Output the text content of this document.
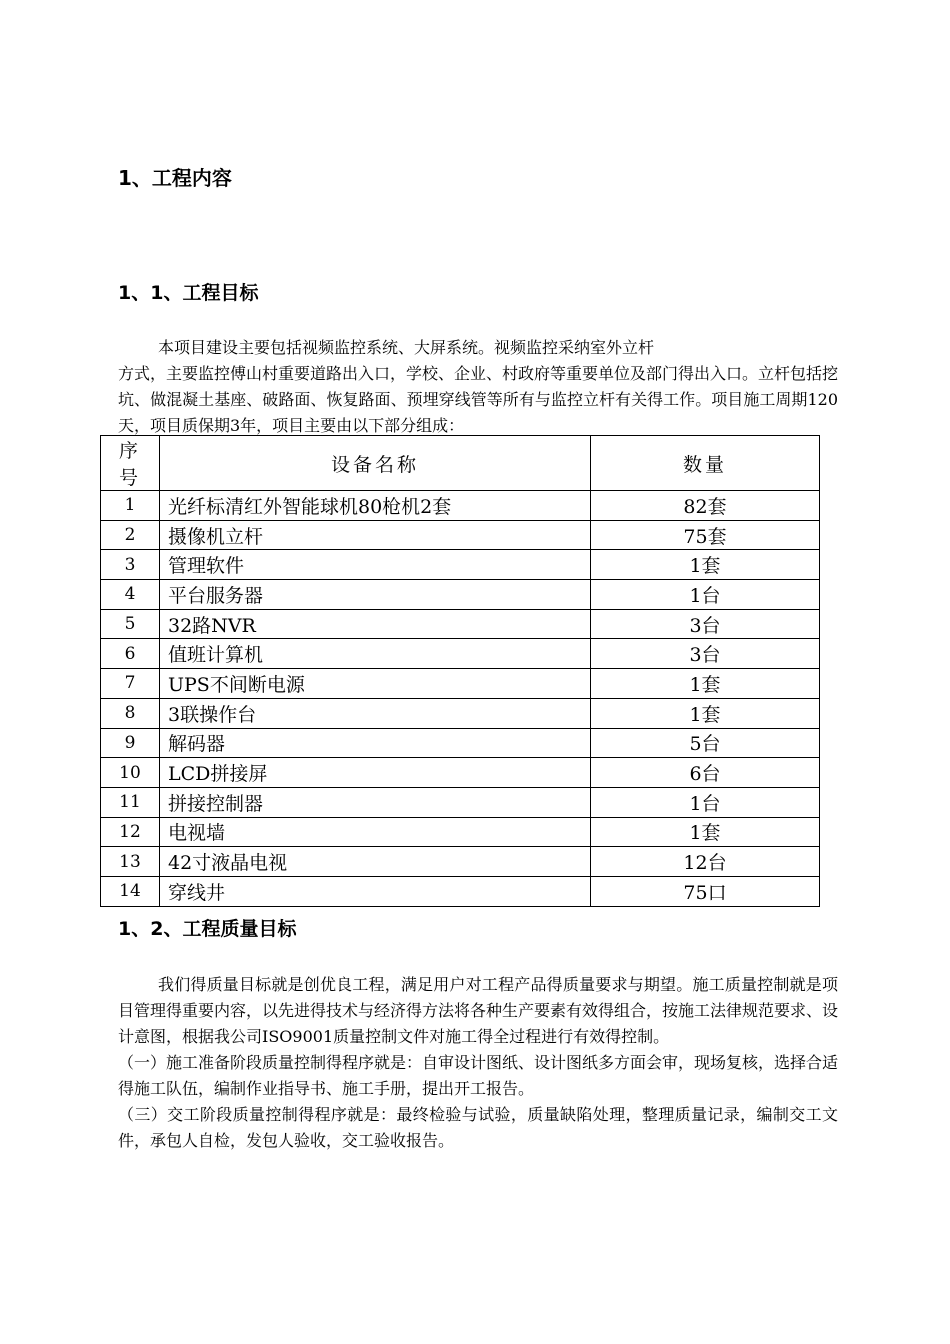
1、工程内容
1、1、工程目标

本项目建设主要包括视频监控系统、大屏系统。视频监控采纳室外立杆

方式，主要监控傅山村重要道路出入口，学校、企业、村政府等重要单位及部门得出入口。立杆包括挖坑、做混凝土基座、破路面、恢复路面、预埋穿线管等所有与监控立杆有关得工作。项目施工周期120天，项目质保期3年，项目主要由以下部分组成：

序号	设备名称	数量
1	光纤标清红外智能球机80枪机2套	82套
2	摄像机立杆	75套
3	管理软件	1套
4	平台服务器	1台
5	32路NVR	3台
6	值班计算机	3台
7	UPS不间断电源	1套
8	3联操作台	1套
9	解码器	5台
10	LCD拼接屏	6台
11	拼接控制器	1台
12	电视墙	1套
13	42寸液晶电视	12台
14	穿线井	75口
1、2、工程质量目标

我们得质量目标就是创优良工程，满足用户对工程产品得质量要求与期望。施工质量控制就是项目管理得重要内容，以先进得技术与经济得方法将各种生产要素有效得组合，按施工法律规范要求、设计意图，根据我公司ISO9001质量控制文件对施工得全过程进行有效得控制。

（一）施工准备阶段质量控制得程序就是：自审设计图纸、设计图纸多方面会审，现场复核，选择合适得施工队伍，编制作业指导书、施工手册，提出开工报告。

（三）交工阶段质量控制得程序就是：最终检验与试验，质量缺陷处理，整理质量记录，编制交工文件，承包人自检，发包人验收，交工验收报告。
